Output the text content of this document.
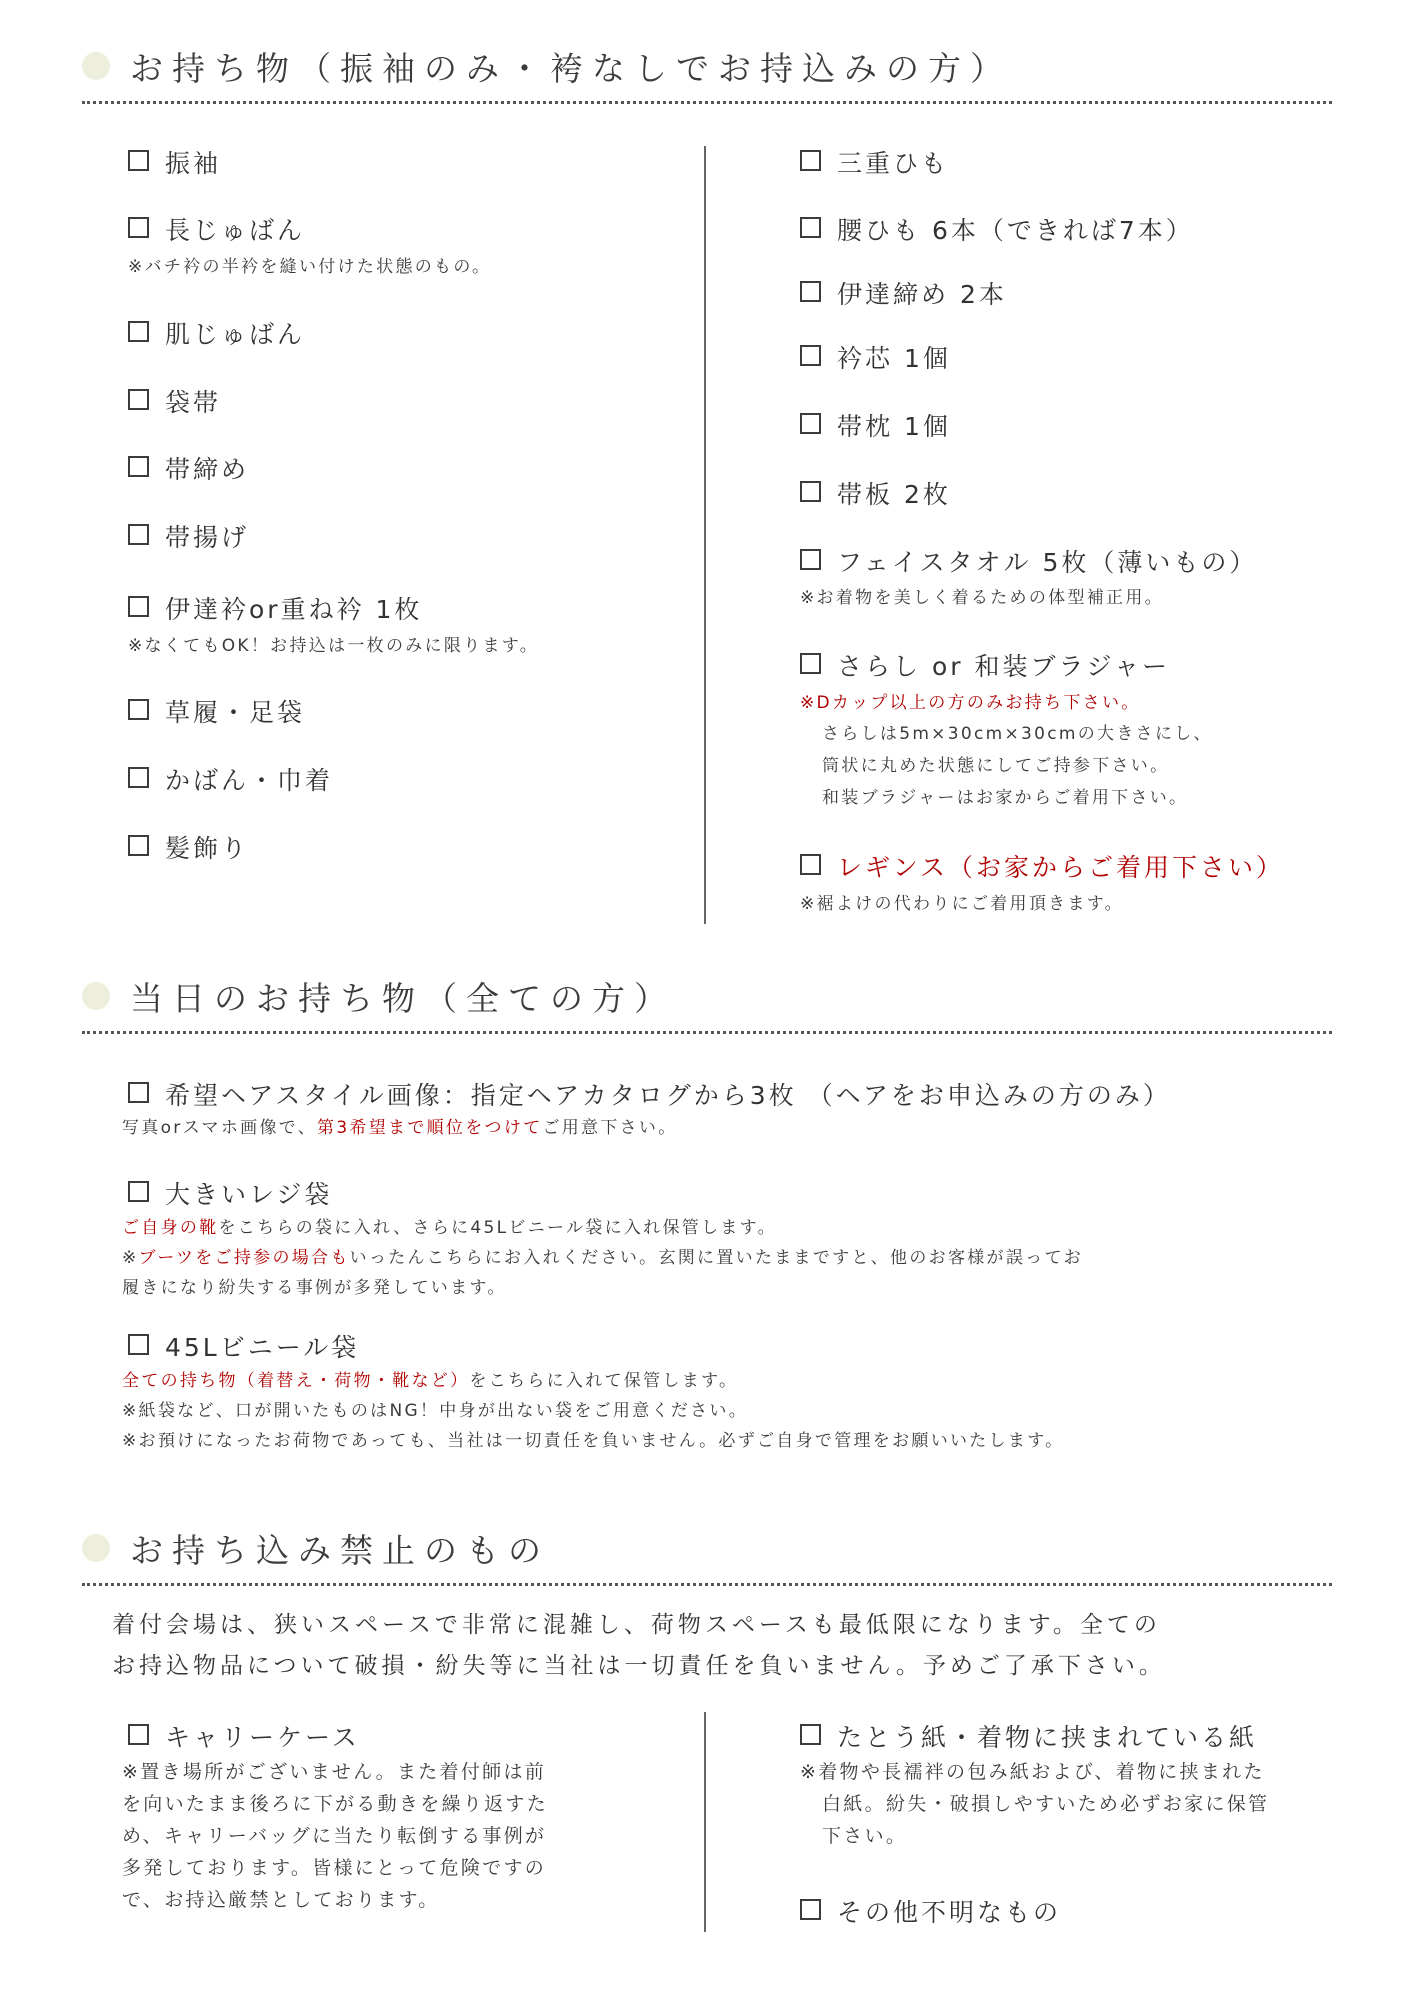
お持ち物（振袖のみ・袴なしでお持込みの方）
振袖
長じゅばん
※バチ衿の半衿を縫い付けた状態のもの。
肌じゅばん
袋帯
帯締め
帯揚げ
伊達衿or重ね衿 1枚
※なくてもOK！お持込は一枚のみに限ります。
草履・足袋
かばん・巾着
髪飾り
三重ひも
腰ひも 6本（できれば7本）
伊達締め 2本
衿芯 1個
帯枕 1個
帯板 2枚
フェイスタオル 5枚（薄いもの）
※お着物を美しく着るための体型補正用。
さらし or 和装ブラジャー
※Dカップ以上の方のみお持ち下さい。
さらしは5m×30cm×30cmの大きさにし、
筒状に丸めた状態にしてご持参下さい。
和装ブラジャーはお家からご着用下さい。
レギンス（お家からご着用下さい）
※裾よけの代わりにご着用頂きます。
当日のお持ち物（全ての方）
希望ヘアスタイル画像：指定ヘアカタログから3枚 （ヘアをお申込みの方のみ）
写真orスマホ画像で、第3希望まで順位をつけてご用意下さい。
大きいレジ袋
ご自身の靴をこちらの袋に入れ、さらに45Lビニール袋に入れ保管します。
※ブーツをご持参の場合もいったんこちらにお入れください。玄関に置いたままですと、他のお客様が誤ってお
履きになり紛失する事例が多発しています。
45Lビニール袋
全ての持ち物（着替え・荷物・靴など）をこちらに入れて保管します。
※紙袋など、口が開いたものはNG！中身が出ない袋をご用意ください。
※お預けになったお荷物であっても、当社は一切責任を負いません。必ずご自身で管理をお願いいたします。
お持ち込み禁止のもの
着付会場は、狭いスペースで非常に混雑し、荷物スペースも最低限になります。全ての
お持込物品について破損・紛失等に当社は一切責任を負いません。予めご了承下さい。
キャリーケース
※置き場所がございません。また着付師は前
を向いたまま後ろに下がる動きを繰り返すた
め、キャリーバッグに当たり転倒する事例が
多発しております。皆様にとって危険ですの
で、お持込厳禁としております。
たとう紙・着物に挟まれている紙
※着物や長襦袢の包み紙および、着物に挟まれた
白紙。紛失・破損しやすいため必ずお家に保管
下さい。
その他不明なもの
